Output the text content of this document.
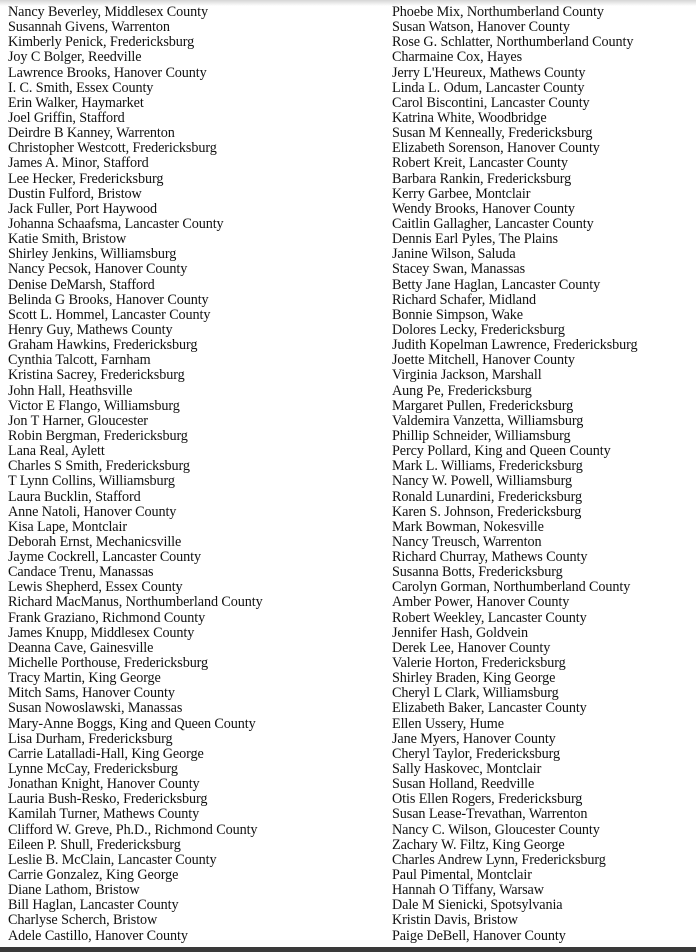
Nancy Beverley, Middlesex County
Susannah Givens, Warrenton
Kimberly Penick, Fredericksburg
Joy C Bolger, Reedville
Lawrence Brooks, Hanover County
I. C. Smith, Essex County
Erin Walker, Haymarket
Joel Griffin, Stafford
Deirdre B Kanney, Warrenton
Christopher Westcott, Fredericksburg
James A. Minor, Stafford
Lee Hecker, Fredericksburg
Dustin Fulford, Bristow
Jack Fuller, Port Haywood
Johanna Schaafsma, Lancaster County
Katie Smith, Bristow
Shirley Jenkins, Williamsburg
Nancy Pecsok, Hanover County
Denise DeMarsh, Stafford
Belinda G Brooks, Hanover County
Scott L. Hommel, Lancaster County
Henry Guy, Mathews County
Graham Hawkins, Fredericksburg
Cynthia Talcott, Farnham
Kristina Sacrey, Fredericksburg
John Hall, Heathsville
Victor E Flango, Williamsburg
Jon T Harner, Gloucester
Robin Bergman, Fredericksburg
Lana Real, Aylett
Charles S Smith, Fredericksburg
T Lynn Collins, Williamsburg
Laura Bucklin, Stafford
Anne Natoli, Hanover County
Kisa Lape, Montclair
Deborah Ernst, Mechanicsville
Jayme Cockrell, Lancaster County
Candace Trenu, Manassas
Lewis Shepherd, Essex County
Richard MacManus, Northumberland County
Frank Graziano, Richmond County
James Knupp, Middlesex County
Deanna Cave, Gainesville
Michelle Porthouse, Fredericksburg
Tracy Martin, King George
Mitch Sams, Hanover County
Susan Nowoslawski, Manassas
Mary-Anne Boggs, King and Queen County
Lisa Durham, Fredericksburg
Carrie Latalladi-Hall, King George
Lynne McCay, Fredericksburg
Jonathan Knight, Hanover County
Lauria Bush-Resko, Fredericksburg
Kamilah Turner, Mathews County
Clifford W. Greve, Ph.D., Richmond County
Eileen P. Shull, Fredericksburg
Leslie B. McClain, Lancaster County
Carrie Gonzalez, King George
Diane Lathom, Bristow
Bill Haglan, Lancaster County
Charlyse Scherch, Bristow
Adele Castillo, Hanover County
Phoebe Mix, Northumberland County
Susan Watson, Hanover County
Rose G. Schlatter, Northumberland County
Charmaine Cox, Hayes
Jerry L'Heureux, Mathews County
Linda L. Odum, Lancaster County
Carol Biscontini, Lancaster County
Katrina White, Woodbridge
Susan M Kenneally, Fredericksburg
Elizabeth Sorenson, Hanover County
Robert Kreit, Lancaster County
Barbara Rankin, Fredericksburg
Kerry Garbee, Montclair
Wendy Brooks, Hanover County
Caitlin Gallagher, Lancaster County
Dennis Earl Pyles, The Plains
Janine Wilson, Saluda
Stacey Swan, Manassas
Betty Jane Haglan, Lancaster County
Richard Schafer, Midland
Bonnie Simpson, Wake
Dolores Lecky, Fredericksburg
Judith Kopelman Lawrence, Fredericksburg
Joette Mitchell, Hanover County
Virginia Jackson, Marshall
Aung Pe, Fredericksburg
Margaret Pullen, Fredericksburg
Valdemira Vanzetta, Williamsburg
Phillip Schneider, Williamsburg
Percy Pollard, King and Queen County
Mark L. Williams, Fredericksburg
Nancy W. Powell, Williamsburg
Ronald Lunardini, Fredericksburg
Karen S. Johnson, Fredericksburg
Mark Bowman, Nokesville
Nancy Treusch, Warrenton
Richard Churray, Mathews County
Susanna Botts, Fredericksburg
Carolyn Gorman, Northumberland County
Amber Power, Hanover County
Robert Weekley, Lancaster County
Jennifer Hash, Goldvein
Derek Lee, Hanover County
Valerie Horton, Fredericksburg
Shirley Braden, King George
Cheryl L Clark, Williamsburg
Elizabeth Baker, Lancaster County
Ellen Ussery, Hume
Jane Myers, Hanover County
Cheryl Taylor, Fredericksburg
Sally Haskovec, Montclair
Susan Holland, Reedville
Otis Ellen Rogers, Fredericksburg
Susan Lease-Trevathan, Warrenton
Nancy C. Wilson, Gloucester County
Zachary W. Filtz, King George
Charles Andrew Lynn, Fredericksburg
Paul Pimental, Montclair
Hannah O Tiffany, Warsaw
Dale M Sienicki, Spotsylvania
Kristin Davis, Bristow
Paige DeBell, Hanover County
